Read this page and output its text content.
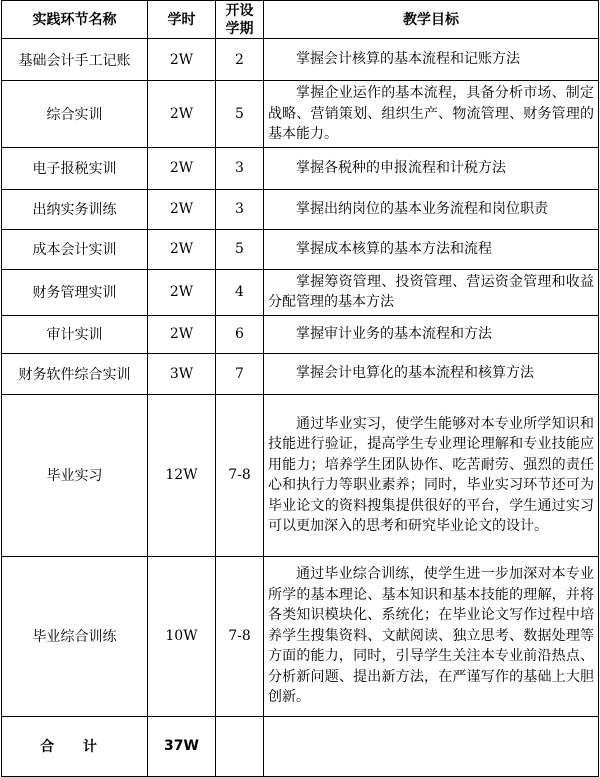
实践环节名称	学时	开设学期	教学目标
基础会计手工记账	2W	2	掌握会计核算的基本流程和记账方法

综合实训	2W	5	掌握企业运作的基本流程，具备分析市场、制定战略、营销策划、组织生产、物流管理、财务管理的基本能力。

电子报税实训	2W	3	掌握各税种的申报流程和计税方法

出纳实务训练	2W	3	掌握出纳岗位的基本业务流程和岗位职责

成本会计实训	2W	5	掌握成本核算的基本方法和流程

财务管理实训	2W	4	掌握筹资管理、投资管理、营运资金管理和收益分配管理的基本方法

审计实训	2W	6	掌握审计业务的基本流程和方法

财务软件综合实训	3W	7	掌握会计电算化的基本流程和核算方法

毕业实习	12W	7-8	通过毕业实习，使学生能够对本专业所学知识和技能进行验证，提高学生专业理论理解和专业技能应用能力；培养学生团队协作、吃苦耐劳、强烈的责任心和执行力等职业素养；同时，毕业实习环节还可为毕业论文的资料搜集提供很好的平台，学生通过实习可以更加深入的思考和研究毕业论文的设计。

毕业综合训练	10W	7-8	通过毕业综合训练，使学生进一步加深对本专业所学的基本理论、基本知识和基本技能的理解，并将各类知识模块化、系统化；在毕业论文写作过程中培养学生搜集资料、文献阅读、独立思考、数据处理等方面的能力，同时，引导学生关注本专业前沿热点、分析新问题、提出新方法，在严谨写作的基础上大胆创新。

合 计	37W		
